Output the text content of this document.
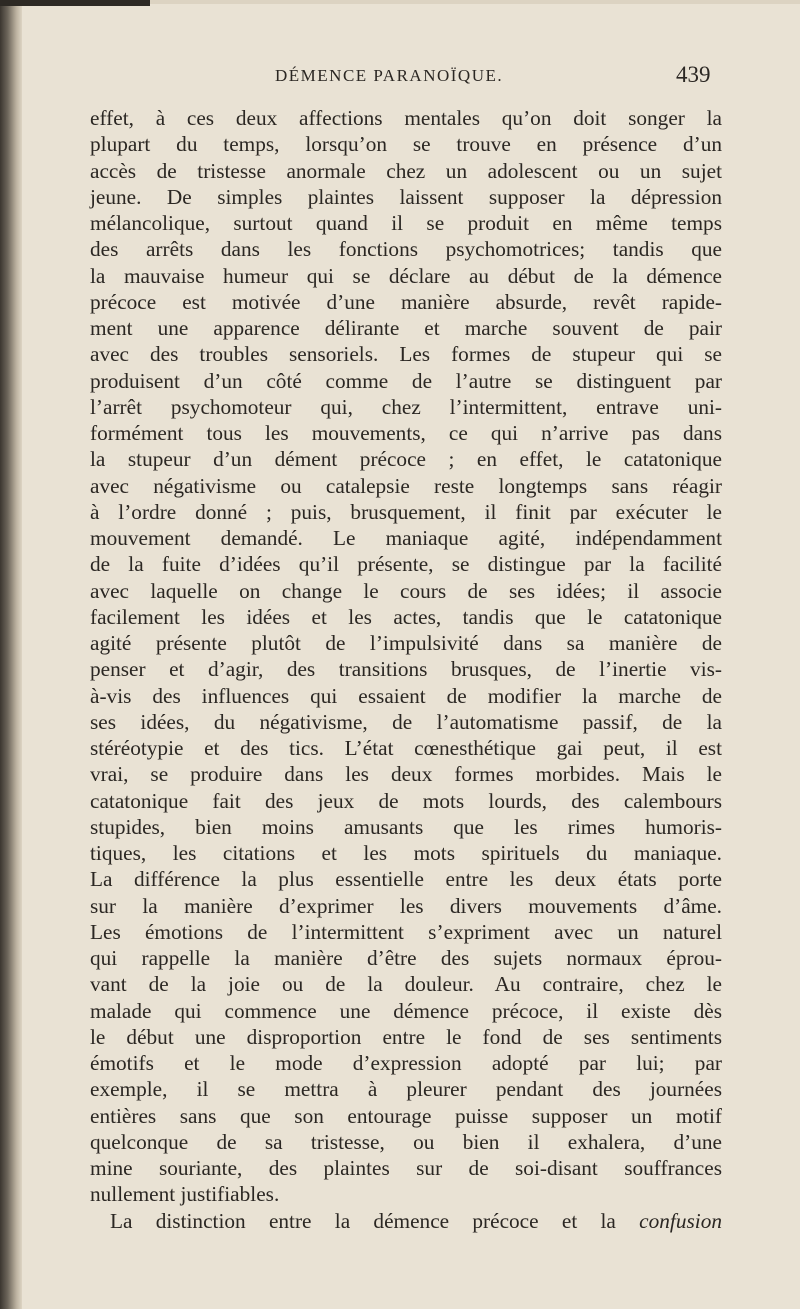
DÉMENCE PARANOÏQUE.	439
effet, à ces deux affections mentales qu’on doit songer la
plupart du temps, lorsqu’on se trouve en présence d’un
accès de tristesse anormale chez un adolescent ou un sujet
jeune. De simples plaintes laissent supposer la dépression
mélancolique, surtout quand il se produit en même temps
des arrêts dans les fonctions psychomotrices; tandis que
la mauvaise humeur qui se déclare au début de la démence
précoce est motivée d’une manière absurde, revêt rapide-
ment une apparence délirante et marche souvent de pair
avec des troubles sensoriels. Les formes de stupeur qui se
produisent d’un côté comme de l’autre se distinguent par
l’arrêt psychomoteur qui, chez l’intermittent, entrave uni-
formément tous les mouvements, ce qui n’arrive pas dans
la stupeur d’un dément précoce ; en effet, le catatonique
avec négativisme ou catalepsie reste longtemps sans réagir
à l’ordre donné ; puis, brusquement, il finit par exécuter le
mouvement demandé. Le maniaque agité, indépendamment
de la fuite d’idées qu’il présente, se distingue par la facilité
avec laquelle on change le cours de ses idées; il associe
facilement les idées et les actes, tandis que le catatonique
agité présente plutôt de l’impulsivité dans sa manière de
penser et d’agir, des transitions brusques, de l’inertie vis-
à-vis des influences qui essaient de modifier la marche de
ses idées, du négativisme, de l’automatisme passif, de la
stéréotypie et des tics. L’état cœnesthétique gai peut, il est
vrai, se produire dans les deux formes morbides. Mais le
catatonique fait des jeux de mots lourds, des calembours
stupides, bien moins amusants que les rimes humoris-
tiques, les citations et les mots spirituels du maniaque.
La différence la plus essentielle entre les deux états porte
sur la manière d’exprimer les divers mouvements d’âme.
Les émotions de l’intermittent s’expriment avec un naturel
qui rappelle la manière d’être des sujets normaux éprou-
vant de la joie ou de la douleur. Au contraire, chez le
malade qui commence une démence précoce, il existe dès
le début une disproportion entre le fond de ses sentiments
émotifs et le mode d’expression adopté par lui; par
exemple, il se mettra à pleurer pendant des journées
entières sans que son entourage puisse supposer un motif
quelconque de sa tristesse, ou bien il exhalera, d’une
mine souriante, des plaintes sur de soi-disant souffrances
nullement justifiables.
La distinction entre la démence précoce et la confusion
